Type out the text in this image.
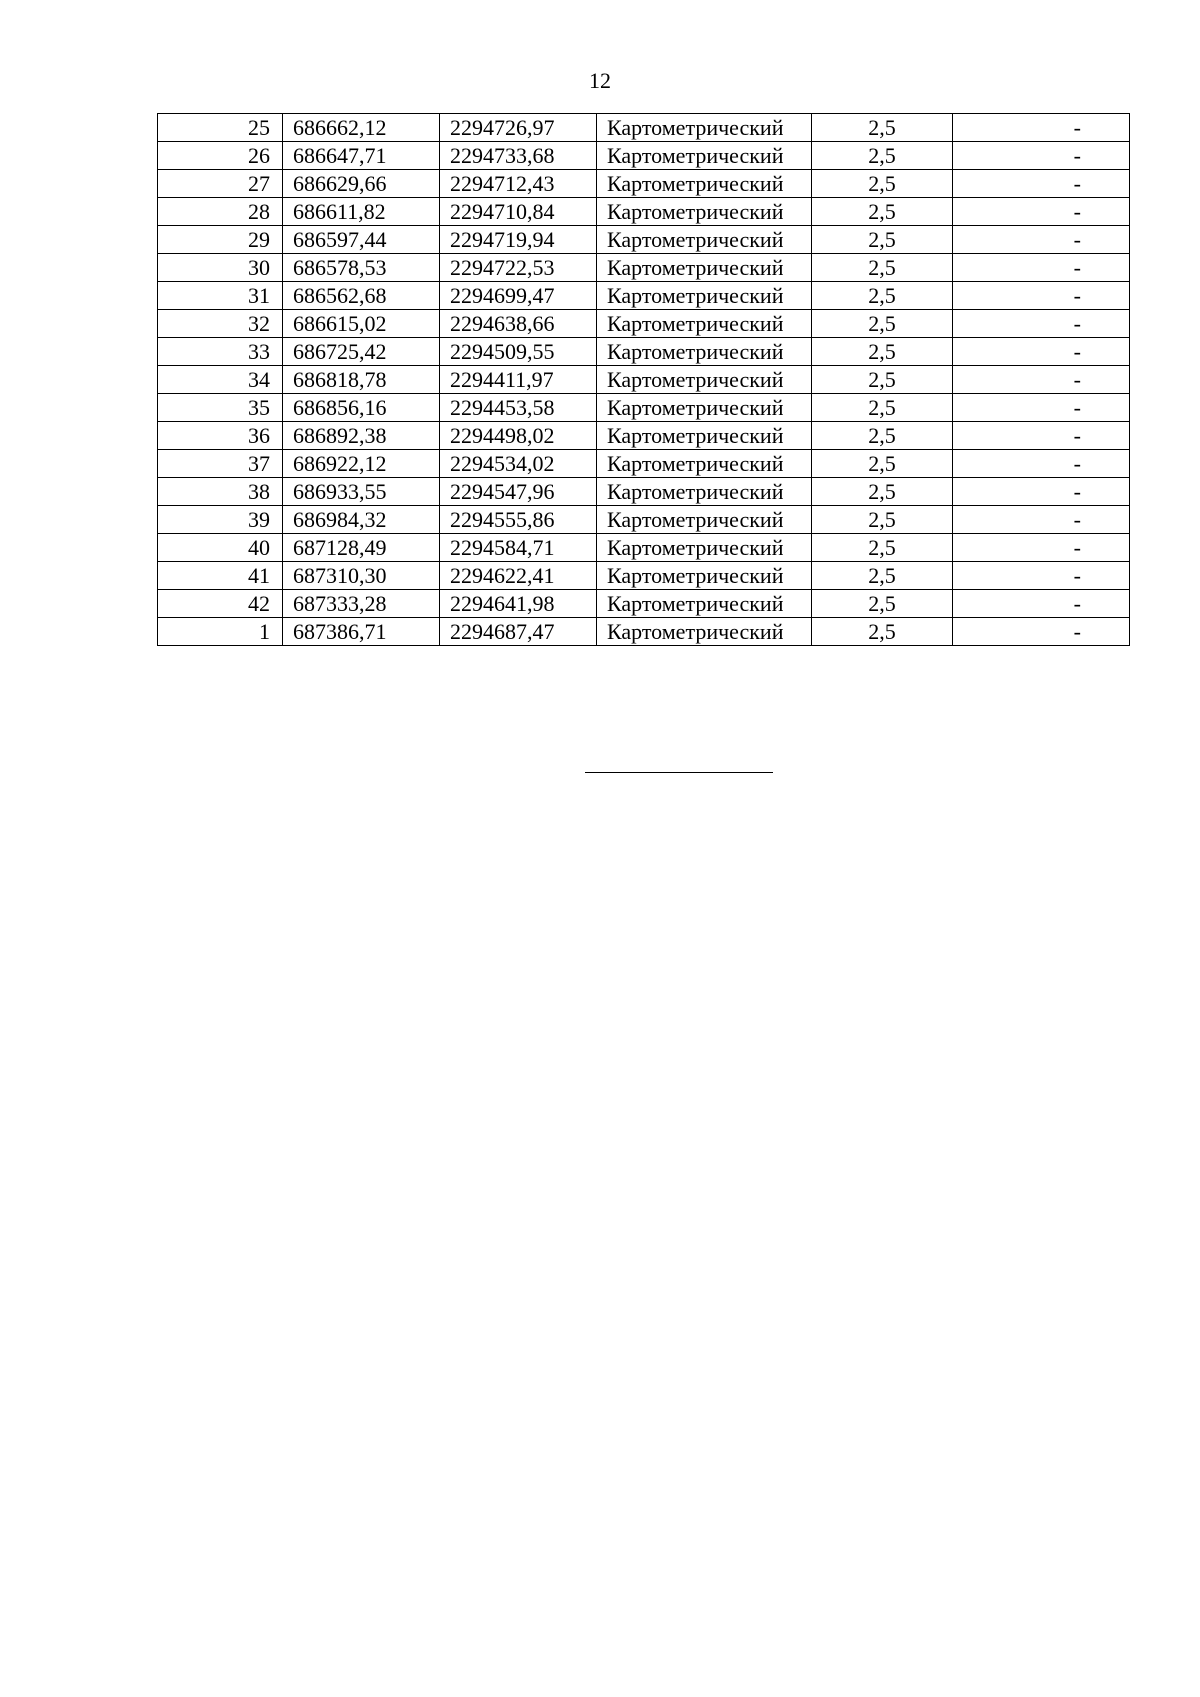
12
25	686662,12	2294726,97	Картометрический	2,5	-
26	686647,71	2294733,68	Картометрический	2,5	-
27	686629,66	2294712,43	Картометрический	2,5	-
28	686611,82	2294710,84	Картометрический	2,5	-
29	686597,44	2294719,94	Картометрический	2,5	-
30	686578,53	2294722,53	Картометрический	2,5	-
31	686562,68	2294699,47	Картометрический	2,5	-
32	686615,02	2294638,66	Картометрический	2,5	-
33	686725,42	2294509,55	Картометрический	2,5	-
34	686818,78	2294411,97	Картометрический	2,5	-
35	686856,16	2294453,58	Картометрический	2,5	-
36	686892,38	2294498,02	Картометрический	2,5	-
37	686922,12	2294534,02	Картометрический	2,5	-
38	686933,55	2294547,96	Картометрический	2,5	-
39	686984,32	2294555,86	Картометрический	2,5	-
40	687128,49	2294584,71	Картометрический	2,5	-
41	687310,30	2294622,41	Картометрический	2,5	-
42	687333,28	2294641,98	Картометрический	2,5	-
1	687386,71	2294687,47	Картометрический	2,5	-
